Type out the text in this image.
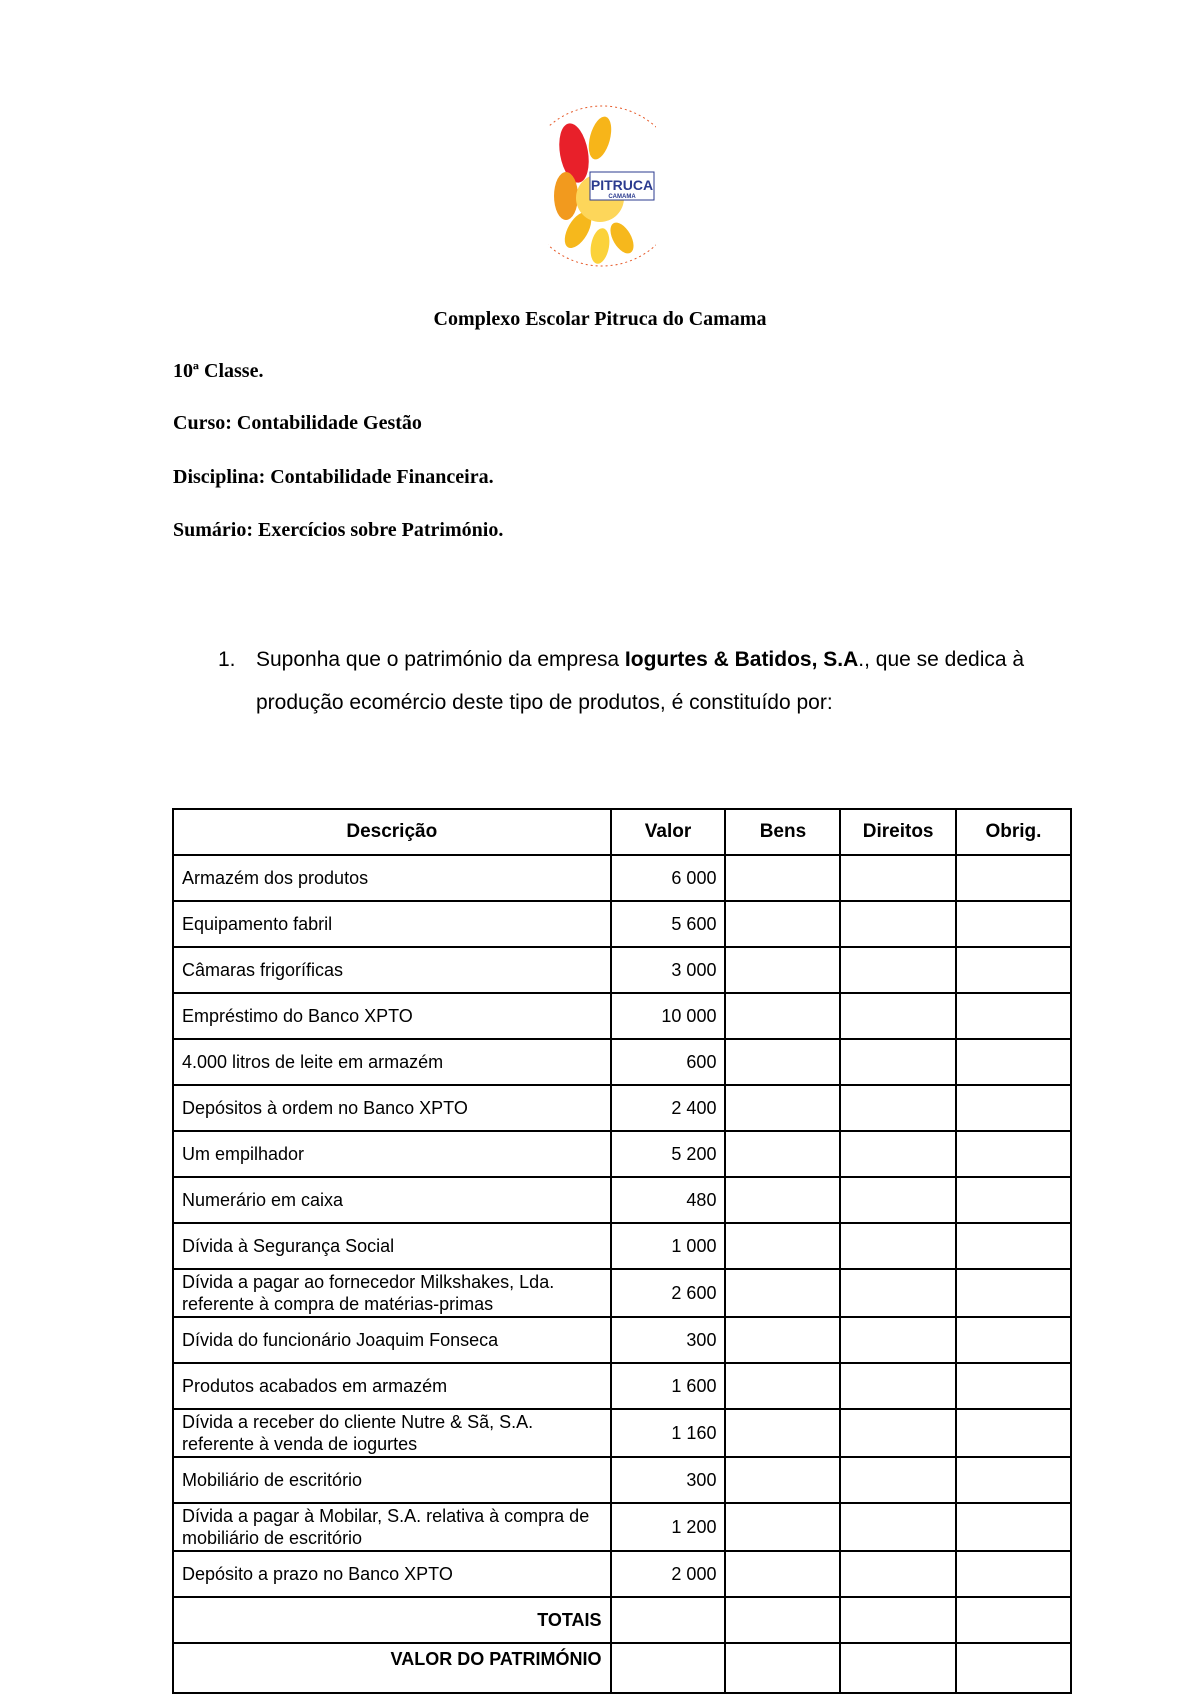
PITRUCA
CAMAMA
Complexo Escolar Pitruca do Camama
10ª Classe.
Curso: Contabilidade Gestão
Disciplina: Contabilidade Financeira.
Sumário: Exercícios sobre Património.
1. Suponha que o património da empresa Iogurtes & Batidos, S.A., que se dedica à produção ecomércio deste tipo de produtos, é constituído por:
Descrição	Valor	Bens	Direitos	Obrig.
Armazém dos produtos	6 000			
Equipamento fabril	5 600			
Câmaras frigoríficas	3 000			
Empréstimo do Banco XPTO	10 000			
4.000 litros de leite em armazém	600			
Depósitos à ordem no Banco XPTO	2 400			
Um empilhador	5 200			
Numerário em caixa	480			
Dívida à Segurança Social	1 000			
Dívida a pagar ao fornecedor Milkshakes, Lda. referente à compra de matérias-primas	2 600			
Dívida do funcionário Joaquim Fonseca	300			
Produtos acabados em armazém	1 600			
Dívida a receber do cliente Nutre & Sã, S.A. referente à venda de iogurtes	1 160			
Mobiliário de escritório	300			
Dívida a pagar à Mobilar, S.A. relativa à compra de mobiliário de escritório	1 200			
Depósito a prazo no Banco XPTO	2 000			
TOTAIS				
VALOR DO PATRIMÓNIO				
